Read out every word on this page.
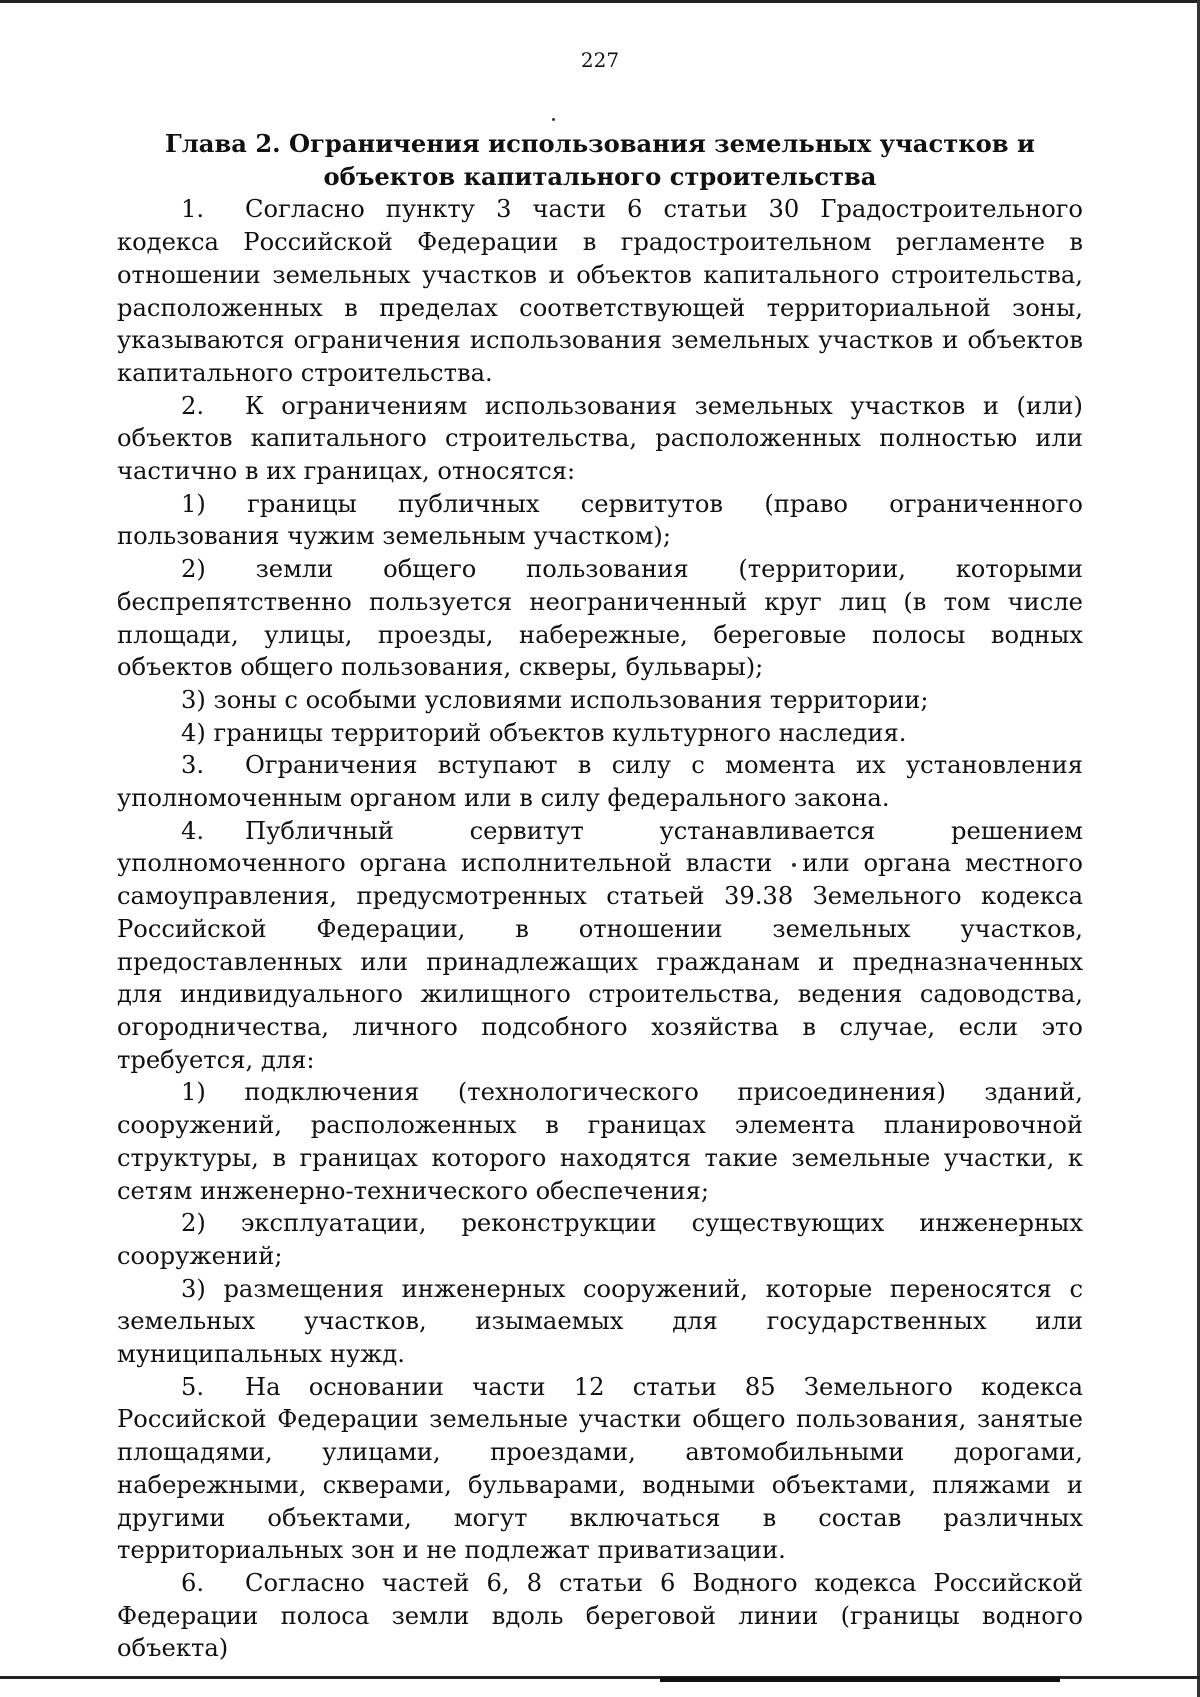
227

Глава 2. Ограничения использования земельных участков и объектов капитального строительства

1. Согласно пункту 3 части 6 статьи 30 Градостроительного кодекса Российской Федерации в градостроительном регламенте в отношении земельных участков и объектов капитального строительства, расположенных в пределах соответствующей территориальной зоны, указываются ограничения использования земельных участков и объектов капитального строительства.

2. К ограничениям использования земельных участков и (или) объектов капитального строительства, расположенных полностью или частично в их границах, относятся:

1) границы публичных сервитутов (право ограниченного пользования чужим земельным участком);

2) земли общего пользования (территории, которыми беспрепятственно пользуется неограниченный круг лиц (в том числе площади, улицы, проезды, набережные, береговые полосы водных объектов общего пользования, скверы, бульвары);

3) зоны с особыми условиями использования территории;

4) границы территорий объектов культурного наследия.

3. Ограничения вступают в силу с момента их установления уполномоченным органом или в силу федерального закона.

4. Публичный сервитут устанавливается решением уполномоченного органа исполнительной власти или органа местного самоуправления, предусмотренных статьей 39.38 Земельного кодекса Российской Федерации, в отношении земельных участков, предоставленных или принадлежащих гражданам и предназначенных для индивидуального жилищного строительства, ведения садоводства, огородничества, личного подсобного хозяйства в случае, если это требуется, для:

1) подключения (технологического присоединения) зданий, сооружений, расположенных в границах элемента планировочной структуры, в границах которого находятся такие земельные участки, к сетям инженерно-технического обеспечения;

2) эксплуатации, реконструкции существующих инженерных сооружений;

3) размещения инженерных сооружений, которые переносятся с земельных участков, изымаемых для государственных или муниципальных нужд.

5. На основании части 12 статьи 85 Земельного кодекса Российской Федерации земельные участки общего пользования, занятые площадями, улицами, проездами, автомобильными дорогами, набережными, скверами, бульварами, водными объектами, пляжами и другими объектами, могут включаться в состав различных территориальных зон и не подлежат приватизации.

6. Согласно частей 6, 8 статьи 6 Водного кодекса Российской Федерации полоса земли вдоль береговой линии (границы водного объекта)
